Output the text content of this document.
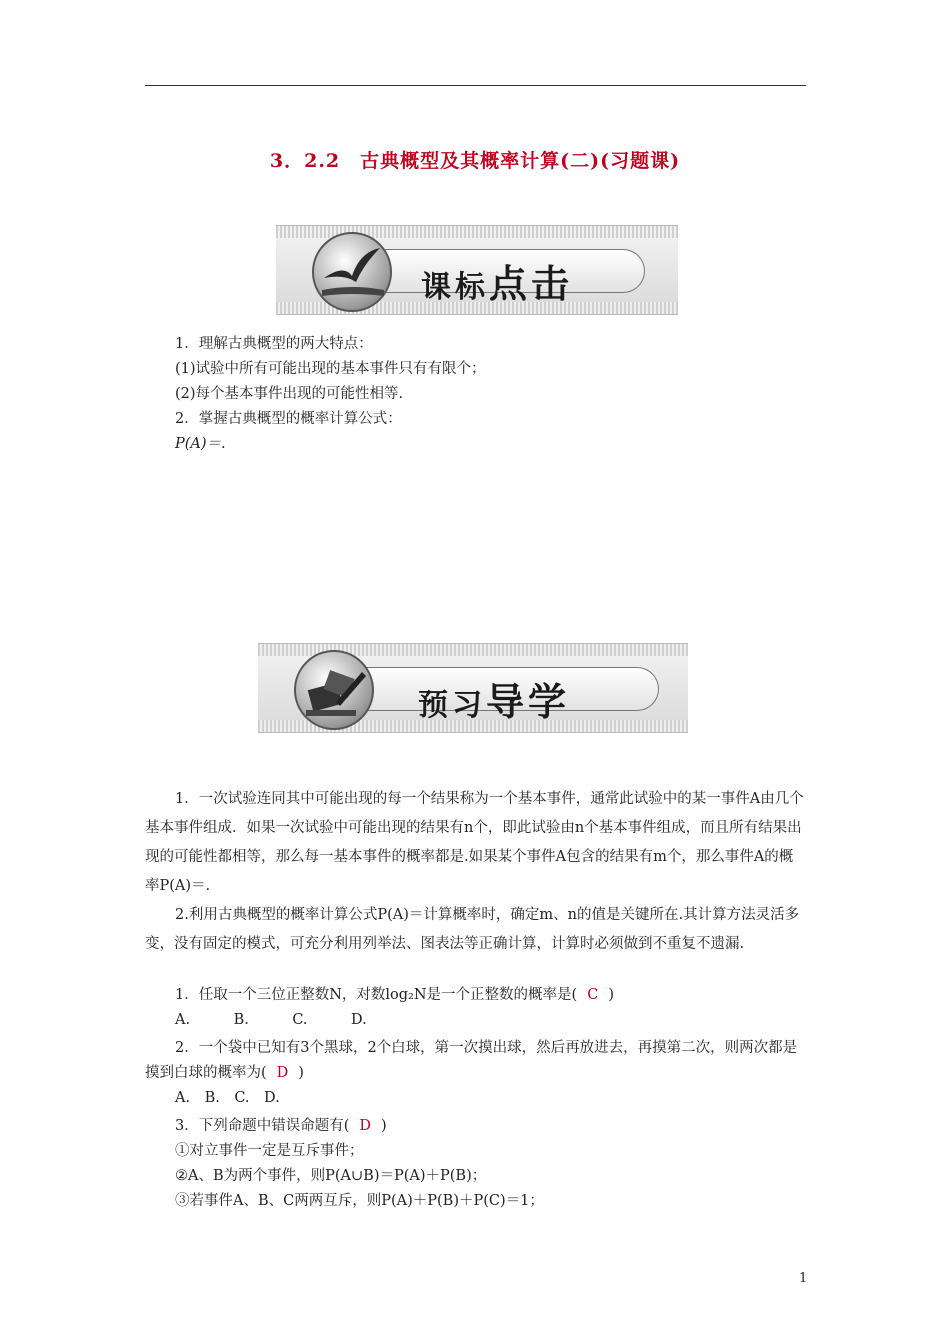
3．2.2　古典概型及其概率计算(二)(习题课)
课标点击

1．理解古典概型的两大特点：

(1)试验中所有可能出现的基本事件只有有限个；

(2)每个基本事件出现的可能性相等.

2．掌握古典概型的概率计算公式：

P(A)＝.

预习导学

1．一次试验连同其中可能出现的每一个结果称为一个基本事件，通常此试验中的某一事件A由几个基本事件组成．如果一次试验中可能出现的结果有n个，即此试验由n个基本事件组成，而且所有结果出现的可能性都相等，那么每一基本事件的概率都是.如果某个事件A包含的结果有m个，那么事件A的概率P(A)＝.

2.利用古典概型的概率计算公式P(A)＝计算概率时，确定m、n的值是关键所在.其计算方法灵活多变，没有固定的模式，可充分利用列举法、图表法等正确计算，计算时必须做到不重复不遗漏.

1．任取一个三位正整数N，对数log₂N是一个正整数的概率是( C )

A.　　　B.　　　C.　　　D.

2．一个袋中已知有3个黑球，2个白球，第一次摸出球，然后再放进去，再摸第二次，则两次都是摸到白球的概率为( D )

A.　B.　C.　D.

3．下列命题中错误命题有( D )

①对立事件一定是互斥事件；

②A、B为两个事件，则P(A∪B)＝P(A)＋P(B)；

③若事件A、B、C两两互斥，则P(A)＋P(B)＋P(C)＝1；

1
